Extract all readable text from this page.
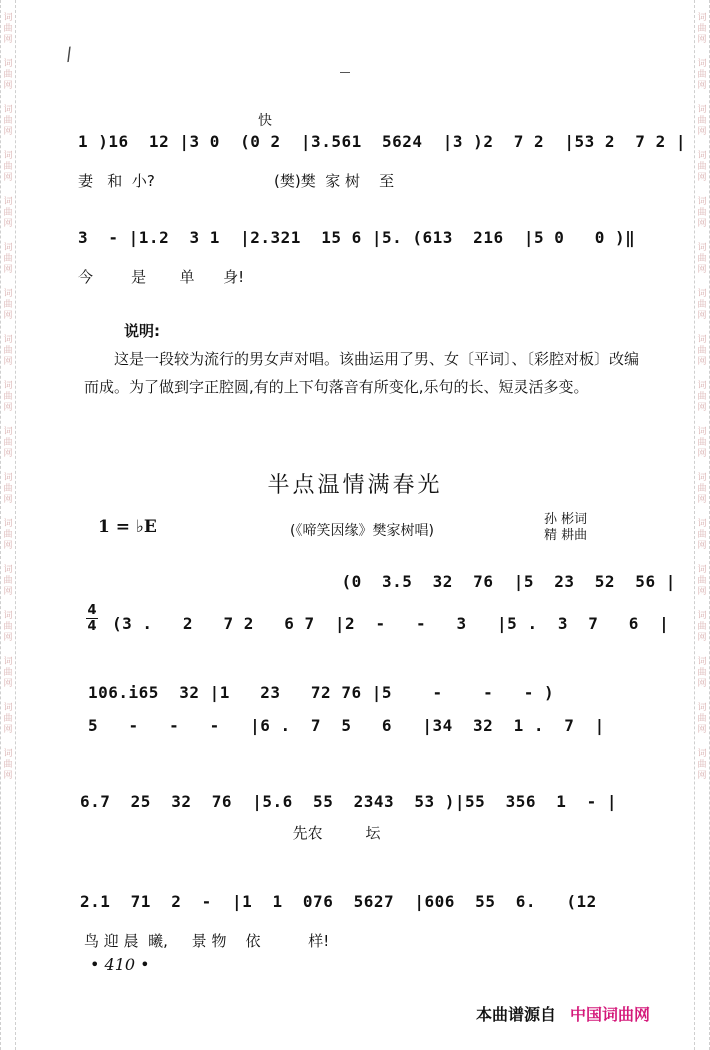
词
曲
网
词
曲
网
词
曲
网
词
曲
网
词
曲
网
词
曲
网
词
曲
网
词
曲
网
词
曲
网
词
曲
网
词
曲
网
词
曲
网
词
曲
网
词
曲
网
词
曲
网
词
曲
网
词
曲
网
词
曲
网
词
曲
网
词
曲
网
词
曲
网
词
曲
网
词
曲
网
词
曲
网
词
曲
网
词
曲
网
词
曲
网
词
曲
网
词
曲
网
词
曲
网
词
曲
网
词
曲
网
词
曲
网
词
曲
网
/
快
1 )16  12 |3 0  (0 2  |3.561  5624  |3 )2  7 2  |53 2  7 2 |
妻   和  小?                         (樊)樊  家 树    至
3  - |1.2  3 1  |2.321  15 6 |5. (613  216  |5 0   0 )‖
今        是       单      身!
说明:

这是一段较为流行的男女声对唱。该曲运用了男、女〔平词〕、〔彩腔对板〕改编而成。为了做到字正腔圆,有的上下句落音有所变化,乐句的长、短灵活多变。

半点温情满春光
1 = ♭E	(《啼笑因缘》樊家树唱)
孙 彬词
精 耕曲
(0  3.5  32  76  |5  23  52  56 |
4
4 (3 .   2   7 2   6 7  |2  -   -   3   |5 .  3  7   6  |
106.i65  32 |1   23   72 76 |5    -    -   - )
5   -   -   -   |6 .  7  5   6   |34  32  1 .  7  |
6.7  25  32  76  |5.6  55  2343  53 )|55  356  1  - |
先农         坛
2.1  71  2  -  |1  1  076  5627  |606  55  6.   (12
鸟 迎 晨  曦,     景 物    依          样!
• 410 •
本曲谱源自 中国词曲网
